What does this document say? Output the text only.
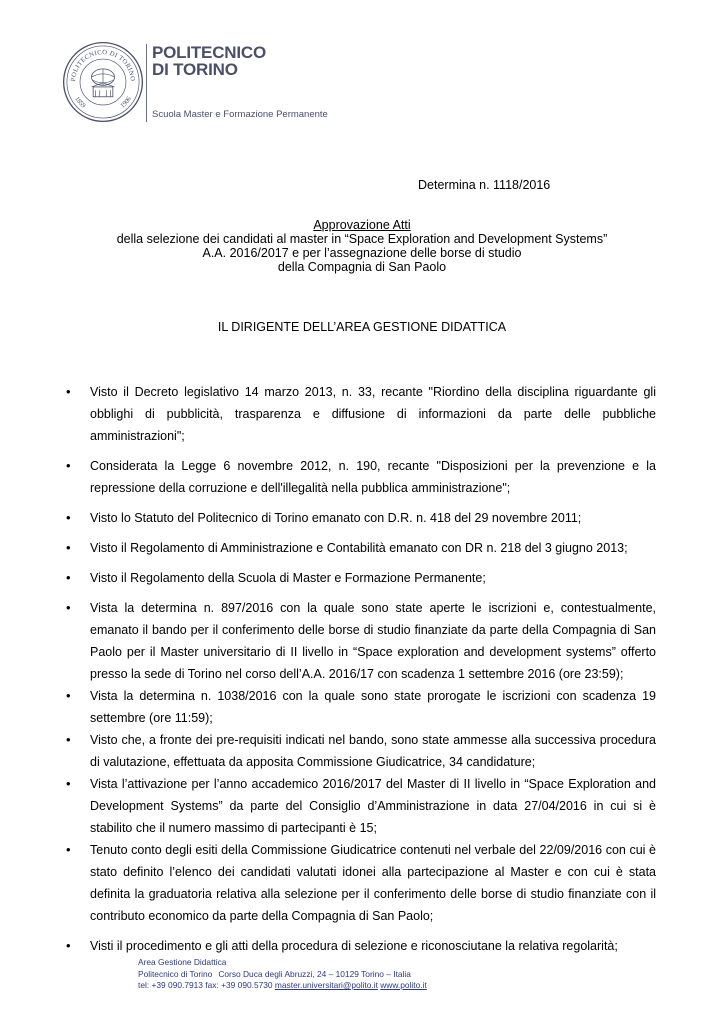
POLITECNICO DI TORINO
1859	1906
POLITECNICO
DI TORINO
Scuola Master e Formazione Permanente
Determina n. 1118/2016
Approvazione Atti
della selezione dei candidati al master in “Space Exploration and Development Systems”
A.A. 2016/2017 e per l’assegnazione delle borse di studio
della Compagnia di San Paolo
IL DIRIGENTE DELL’AREA GESTIONE DIDATTICA
• Visto il Decreto legislativo 14 marzo 2013, n. 33, recante "Riordino della disciplina riguardante gli obblighi di pubblicità, trasparenza e diffusione di informazioni da parte delle pubbliche amministrazioni";
• Considerata la Legge 6 novembre 2012, n. 190, recante "Disposizioni per la prevenzione e la repressione della corruzione e dell'illegalità nella pubblica amministrazione";
• Visto lo Statuto del Politecnico di Torino emanato con D.R. n. 418 del 29 novembre 2011;
• Visto il Regolamento di Amministrazione e Contabilità emanato con DR n. 218 del 3 giugno 2013;
• Visto il Regolamento della Scuola di Master e Formazione Permanente;
• Vista la determina n. 897/2016 con la quale sono state aperte le iscrizioni e, contestualmente, emanato il bando per il conferimento delle borse di studio finanziate da parte della Compagnia di San Paolo per il Master universitario di II livello in “Space exploration and development systems” offerto presso la sede di Torino nel corso dell’A.A. 2016/17 con scadenza 1 settembre 2016 (ore 23:59);
• Vista la determina n. 1038/2016 con la quale sono state prorogate le iscrizioni con scadenza 19 settembre (ore 11:59);
• Visto che, a fronte dei pre-requisiti indicati nel bando, sono state ammesse alla successiva procedura di valutazione, effettuata da apposita Commissione Giudicatrice, 34 candidature;
• Vista l’attivazione per l’anno accademico 2016/2017 del Master di II livello in “Space Exploration and Development Systems” da parte del Consiglio d’Amministrazione in data 27/04/2016 in cui si è stabilito che il numero massimo di partecipanti è 15;
• Tenuto conto degli esiti della Commissione Giudicatrice contenuti nel verbale del 22/09/2016 con cui è stato definito l’elenco dei candidati valutati idonei alla partecipazione al Master e con cui è stata definita la graduatoria relativa alla selezione per il conferimento delle borse di studio finanziate con il contributo economico da parte della Compagnia di San Paolo;
• Visti il procedimento e gli atti della procedura di selezione e riconosciutane la relativa regolarità;
Area Gestione Didattica
Politecnico di Torino Corso Duca degli Abruzzi, 24 – 10129 Torino – Italia
tel: +39 090.7913 fax: +39 090.5730 master.universitari@polito.it www.polito.it
